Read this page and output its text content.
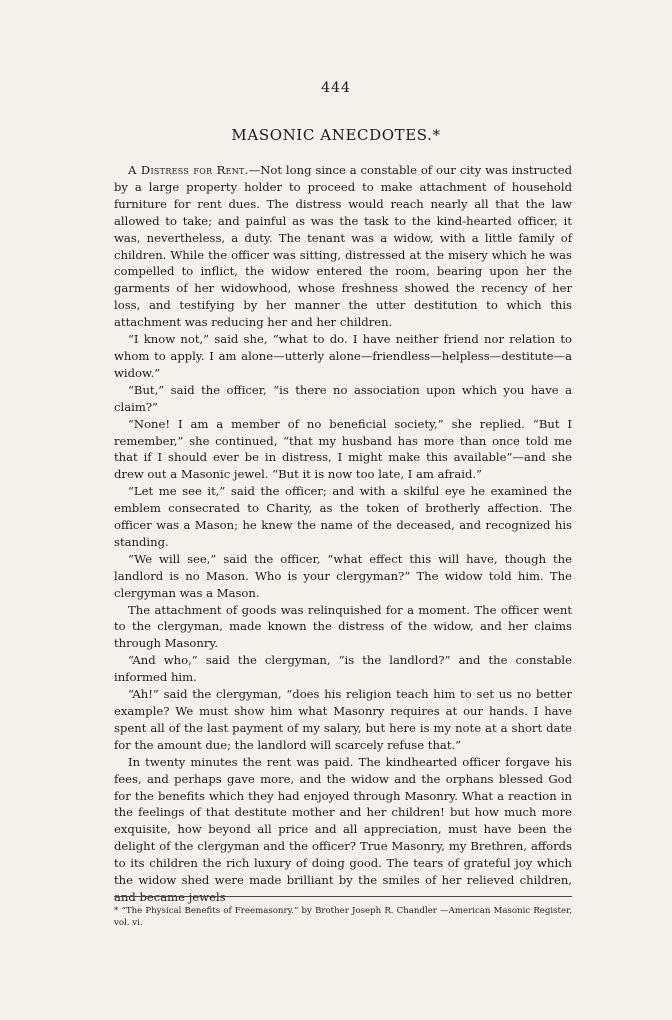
444
MASONIC ANECDOTES.*

A Distress for Rent.—Not long since a constable of our city was instructed by a large property holder to proceed to make attachment of household furniture for rent dues. The distress would reach nearly all that the law allowed to take; and painful as was the task to the kind-hearted officer, it was, nevertheless, a duty. The tenant was a widow, with a little family of children. While the officer was sitting, distressed at the misery which he was compelled to inflict, the widow entered the room, bearing upon her the garments of her widowhood, whose freshness showed the recency of her loss, and testifying by her manner the utter destitution to which this attachment was reducing her and her children.

“I know not,” said she, “what to do. I have neither friend nor relation to whom to apply. I am alone—utterly alone—friendless—helpless—destitute—a widow.”

“But,” said the officer, “is there no association upon which you have a claim?”

“None! I am a member of no beneficial society,” she replied. “But I remember,” she continued, “that my husband has more than once told me that if I should ever be in distress, I might make this available”—and she drew out a Masonic jewel. “But it is now too late, I am afraid.”

“Let me see it,” said the officer; and with a skilful eye he examined the emblem consecrated to Charity, as the token of brotherly affection. The officer was a Mason; he knew the name of the deceased, and recognized his standing.

“We will see,” said the officer, “what effect this will have, though the landlord is no Mason. Who is your clergyman?” The widow told him. The clergyman was a Mason.

The attachment of goods was relinquished for a moment. The officer went to the clergyman, made known the distress of the widow, and her claims through Masonry.

“And who,” said the clergyman, “is the landlord?” and the constable informed him.

“Ah!” said the clergyman, “does his religion teach him to set us no better example? We must show him what Masonry requires at our hands. I have spent all of the last payment of my salary, but here is my note at a short date for the amount due; the landlord will scarcely refuse that.”

In twenty minutes the rent was paid. The kindhearted officer forgave his fees, and perhaps gave more, and the widow and the orphans blessed God for the benefits which they had enjoyed through Masonry. What a reaction in the feelings of that destitute mother and her children! but how much more exquisite, how beyond all price and all appreciation, must have been the delight of the clergyman and the officer? True Masonry, my Brethren, affords to its children the rich luxury of doing good. The tears of grateful joy which the widow shed were made brilliant by the smiles of her relieved children, and became jewels

* “The Physical Benefits of Freemasonry.” by Brother Joseph R. Chandler —American Masonic Register, vol. vi.
